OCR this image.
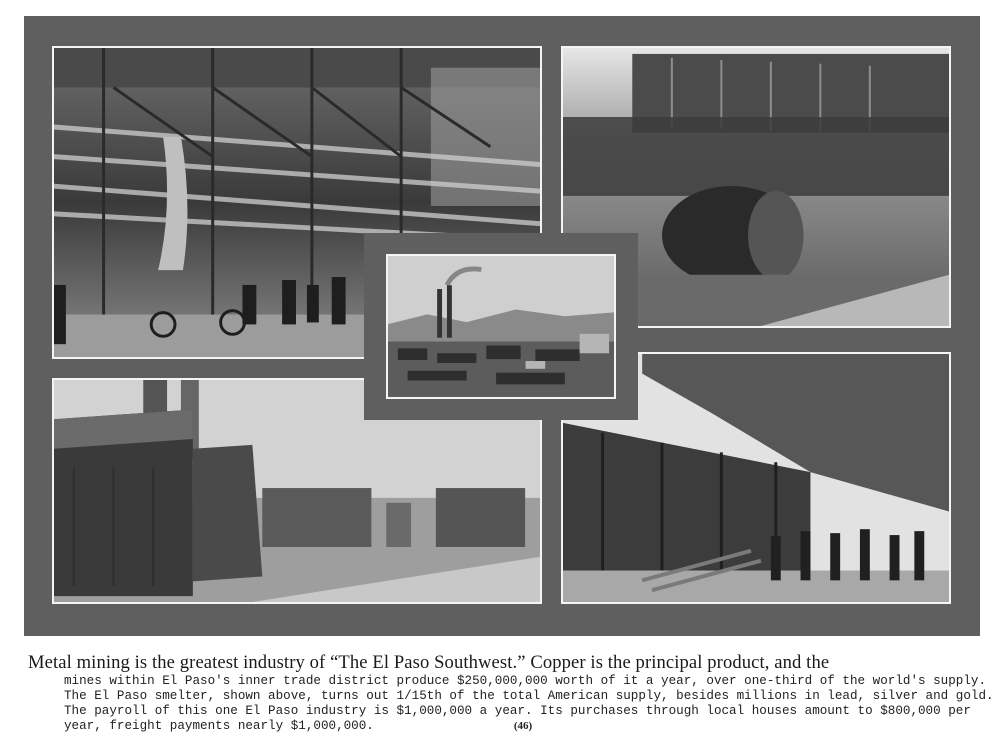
Metal mining is the greatest industry of “The El Paso Southwest.” Copper is the principal product, and the
mines within El Paso's inner trade district produce $250,000,000 worth of it a year, over one-third of the world's supply.
The El Paso smelter, shown above, turns out 1/15th of the total American supply, besides millions in lead, silver and gold.
The payroll of this one El Paso industry is $1,000,000 a year. Its purchases through local houses amount to $800,000 per
year, freight payments nearly $1,000,000.	(46)
